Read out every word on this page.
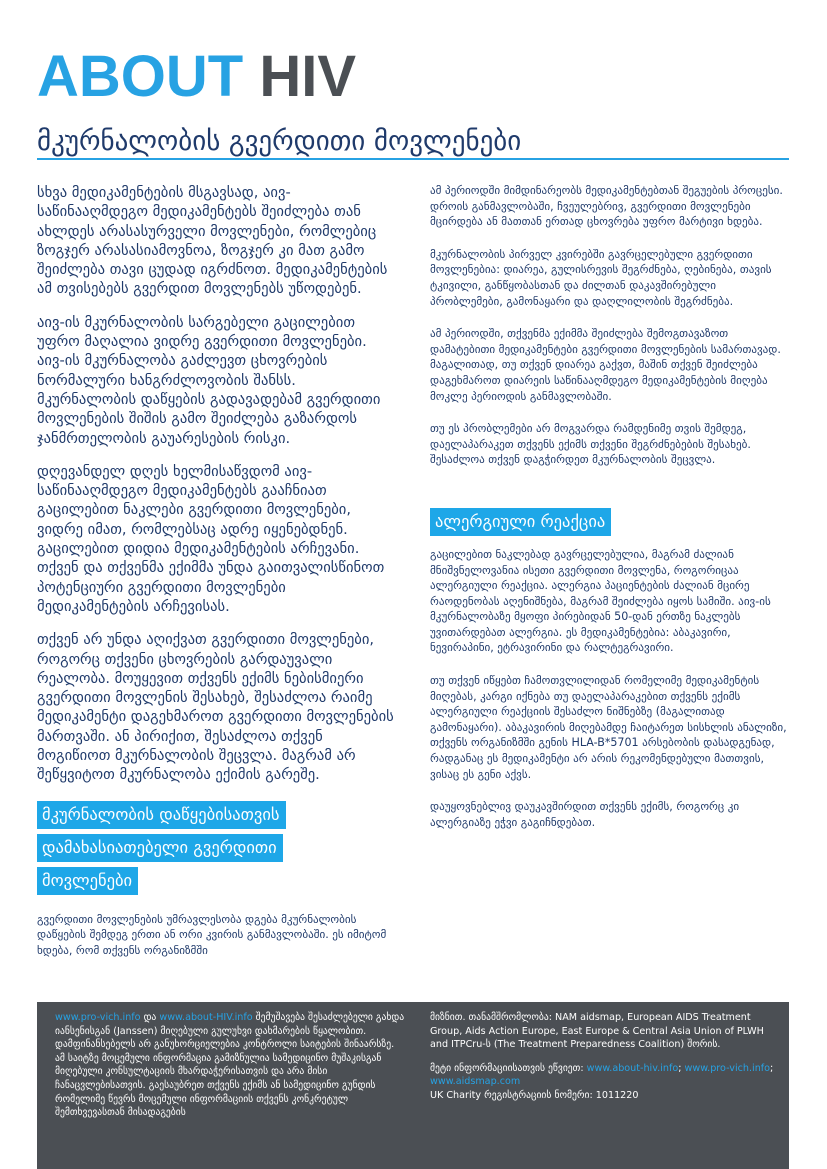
ABOUT HIV
მკურნალობის გვერდითი მოვლენები

სხვა მედიკამენტების მსგავსად, აივ-საწინააღმდეგო მედიკამენტებს შეიძლება თან ახლდეს არასასურველი მოვლენები, რომლებიც ზოგჯერ არასასიამოვნოა, ზოგჯერ კი მათ გამო შეიძლება თავი ცუდად იგრძნოთ. მედიკამენტების ამ თვისებებს გვერდით მოვლენებს უწოდებენ.

აივ-ის მკურნალობის სარგებელი გაცილებით უფრო მაღალია ვიდრე გვერდითი მოვლენები. აივ-ის მკურნალობა გაძლევთ ცხოვრების ნორმალური ხანგრძლოვობის შანსს. მკურნალობის დაწყების გადავადებამ გვერდითი მოვლენების შიშის გამო შეიძლება გაზარდოს ჯანმრთელობის გაუარესების რისკი.

დღევანდელ დღეს ხელმისაწვდომ აივ-საწინააღმდეგო მედიკამენტებს გააჩნიათ გაცილებით ნაკლები გვერდითი მოვლენები, ვიდრე იმათ, რომლებსაც ადრე იყენებდნენ. გაცილებით დიდია მედიკამენტების არჩევანი. თქვენ და თქვენმა ექიმმა უნდა გაითვალისწინოთ პოტენციური გვერდითი მოვლენები მედიკამენტების არჩევისას.

თქვენ არ უნდა აღიქვათ გვერდითი მოვლენები, როგორც თქვენი ცხოვრების გარდაუვალი რეალობა. მოუყევით თქვენს ექიმს ნებისმიერი გვერდითი მოვლენის შესახებ, შესაძლოა რაიმე მედიკამენტი დაგეხმაროთ გვერდითი მოვლენების მართვაში. ან პირიქით, შესაძლოა თქვენ მოგიწიოთ მკურნალობის შეცვლა. მაგრამ არ შეწყვიტოთ მკურნალობა ექიმის გარეშე.

მკურნალობის დაწყებისათვის
დამახასიათებელი გვერდითი
მოვლენები

გვერდითი მოვლენების უმრავლესობა დგება მკურნალობის დაწყების შემდეგ ერთი ან ორი კვირის განმავლობაში. ეს იმიტომ ხდება, რომ თქვენს ორგანიზმში

ამ პერიოდში მიმდინარეობს მედიკამენტებთან შეგუების პროცესი. დროის განმავლობაში, ჩვეულებრივ, გვერდითი მოვლენები მცირდება ან მათთან ერთად ცხოვრება უფრო მარტივი ხდება.

მკურნალობის პირველ კვირებში გავრცელებული გვერდითი მოვლენებია: დიარეა, გულისრევის შეგრძნება, ღებინება, თავის ტკივილი, განწყობასთან და ძილთან დაკავშირებული პრობლემები, გამონაყარი და დაღლილობის შეგრძნება.

ამ პერიოდში, თქვენმა ექიმმა შეიძლება შემოგთავაზოთ დამატებითი მედიკამენტები გვერდითი მოვლენების სამართავად. მაგალითად, თუ თქვენ დიარეა გაქვთ, მაშინ თქვენ შეიძლება დაგეხმაროთ დიარეის საწინააღმდეგო მედიკამენტების მიღება მოკლე პერიოდის განმავლობაში.

თუ ეს პრობლემები არ მოგვარდა რამდენიმე თვის შემდეგ, დაელაპარაკეთ თქვენს ექიმს თქვენი შეგრძნებების შესახებ. შესაძლოა თქვენ დაგჭირდეთ მკურნალობის შეცვლა.

ალერგიული რეაქცია

გაცილებით ნაკლებად გავრცელებულია, მაგრამ ძალიან მნიშვნელოვანია ისეთი გვერდითი მოვლენა, როგორიცაა ალერგიული რეაქცია. ალერგია პაციენტების ძალიან მცირე რაოდენობას აღენიშნება, მაგრამ შეიძლება იყოს სამიში. აივ-ის მკურნალობაზე მყოფი პირებიდან 50-დან ერთზე ნაკლებს უვითარდებათ ალერგია. ეს მედიკამენტებია: აბაკავირი, ნევირაპინი, ეტრავირინი და რალტეგრავირი.

თუ თქვენ იწყებთ ჩამოთვლილიდან რომელიმე მედიკამენტის მიღებას, კარგი იქნება თუ დაელაპარაკებით თქვენს ექიმს ალერგიული რეაქციის შესაძლო ნიშნებზე (მაგალითად გამონაყარი). აბაკავირის მიღებამდე ჩაიტარეთ სისხლის ანალიზი, თქვენს ორგანიზმში გენის HLA-B*5701 არსებობის დასადგენად, რადგანაც ეს მედიკამენტი არ არის რეკომენდებული მათთვის, ვისაც ეს გენი აქვს.

დაუყოვნებლივ დაუკავშირდით თქვენს ექიმს, როგორც კი ალერგიაზე ეჭვი გაგიჩნდებათ.

www.pro-vich.info და www.about-HIV.info შემუშავება შესაძლებელი გახდა იანსენისგან (Janssen) მიღებული გულუხვი დახმარების წყალობით. დამფინანსებელს არ განუხორციელებია კონტროლი საიტების შინაარსზე. ამ საიტზე მოცემული ინფორმაცია გამიზნულია სამედიცინო მუშაკისგან მიღებული კონსულტაციის მხარდაჭერისათვის და არა მისი ჩანაცვლებისათვის. გაესაუბრეთ თქვენს ექიმს ან სამედიცინო გუნდის რომელიმე წევრს მოცემული ინფორმაციის თქვენს კონკრეტულ შემთხვევასთან მისადაგების

მიზნით. თანამშრომლობა: NAM aidsmap, European AIDS Treatment Group, Aids Action Europe, East Europe & Central Asia Union of PLWH and ITPCru-ს (The Treatment Preparedness Coalition) შორის.

მეტი ინფორმაციისათვის ეწვიეთ: www.about-hiv.info; www.pro-vich.info; www.aidsmap.com
UK Charity რეგისტრაციის ნომერი: 1011220
